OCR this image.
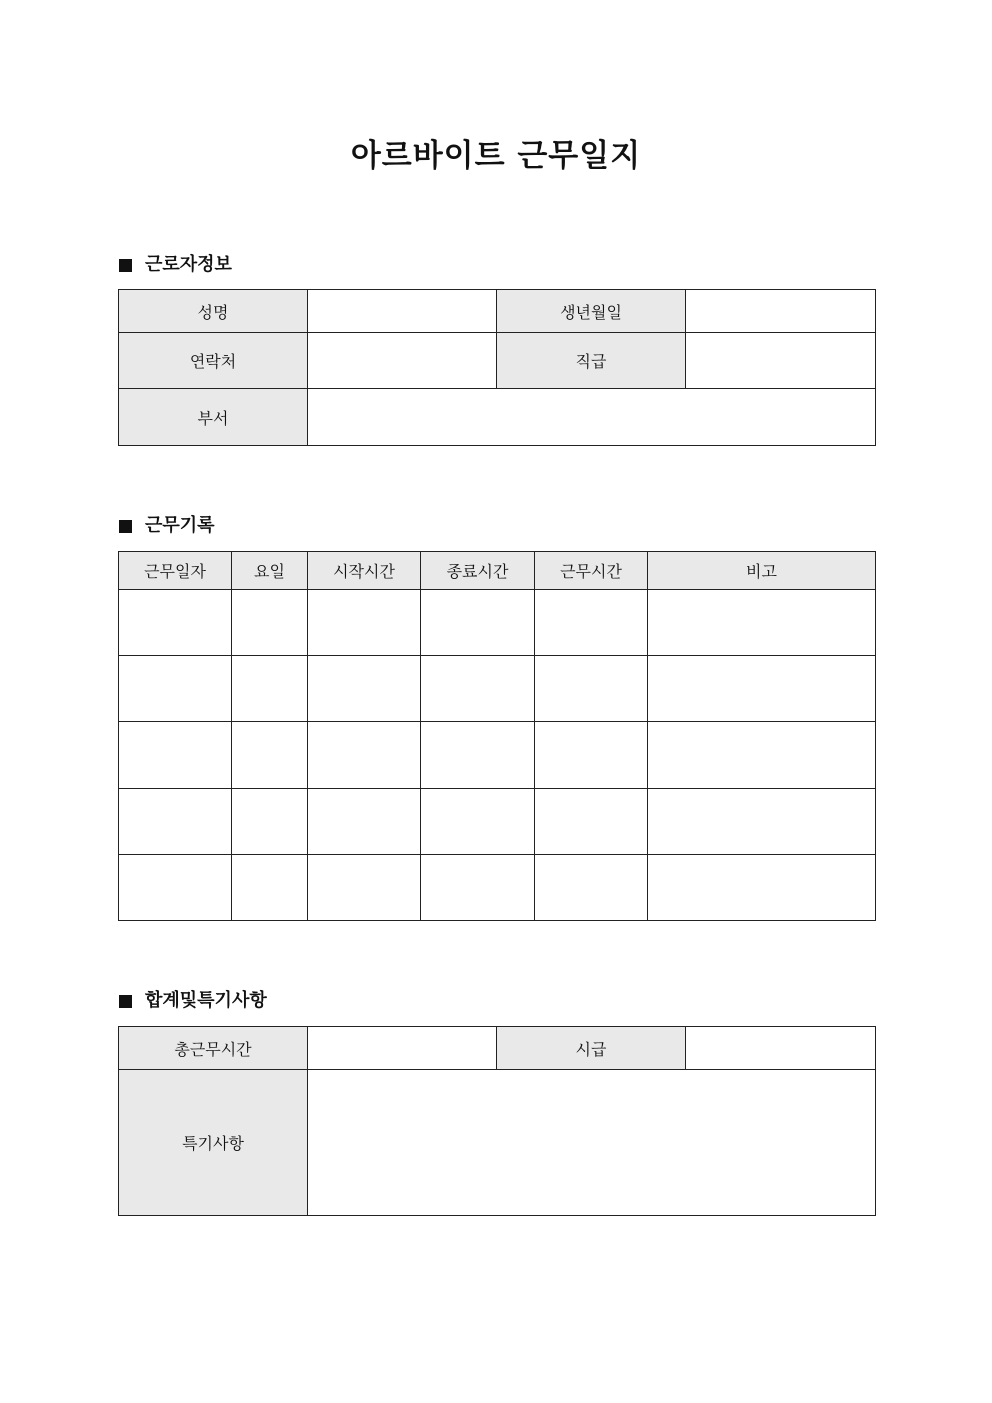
아르바이트 근무일지
근로자정보
성명		생년월일	
연락처		직급	
부서			
근무기록
근무일자	요일	시작시간	종료시간	근무시간	비고

합계및특기사항
총근무시간		시급	
특기사항			
